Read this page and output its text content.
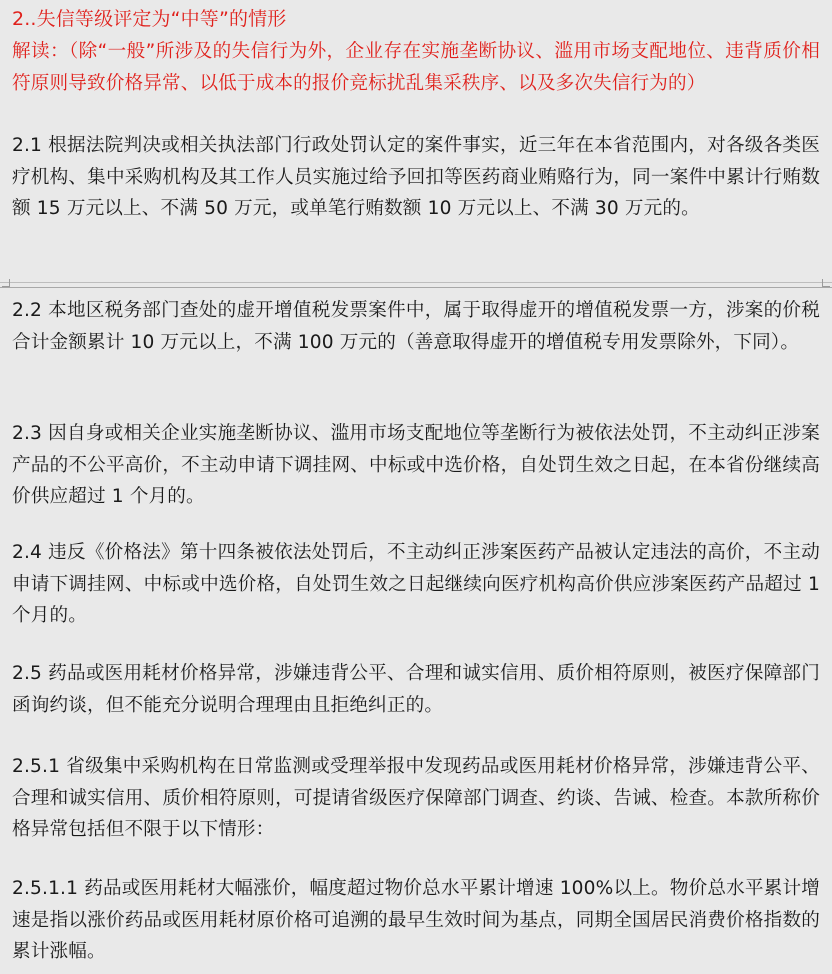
2..失信等级评定为“中等”的情形

解读：（除“一般”所涉及的失信行为外，企业存在实施垄断协议、滥用市场支配地位、违背质价相符原则导致价格异常、以低于成本的报价竞标扰乱集采秩序、以及多次失信行为的）

2.1 根据法院判决或相关执法部门行政处罚认定的案件事实，近三年在本省范围内，对各级各类医疗机构、集中采购机构及其工作人员实施过给予回扣等医药商业贿赂行为，同一案件中累计行贿数额 15 万元以上、不满 50 万元，或单笔行贿数额 10 万元以上、不满 30 万元的。

2.2 本地区税务部门查处的虚开增值税发票案件中，属于取得虚开的增值税发票一方，涉案的价税合计金额累计 10 万元以上，不满 100 万元的（善意取得虚开的增值税专用发票除外，下同）。

2.3 因自身或相关企业实施垄断协议、滥用市场支配地位等垄断行为被依法处罚，不主动纠正涉案产品的不公平高价，不主动申请下调挂网、中标或中选价格，自处罚生效之日起，在本省份继续高价供应超过 1 个月的。

2.4 违反《价格法》第十四条被依法处罚后，不主动纠正涉案医药产品被认定违法的高价，不主动申请下调挂网、中标或中选价格，自处罚生效之日起继续向医疗机构高价供应涉案医药产品超过 1 个月的。

2.5 药品或医用耗材价格异常，涉嫌违背公平、合理和诚实信用、质价相符原则，被医疗保障部门函询约谈，但不能充分说明合理理由且拒绝纠正的。

2.5.1 省级集中采购机构在日常监测或受理举报中发现药品或医用耗材价格异常，涉嫌违背公平、合理和诚实信用、质价相符原则，可提请省级医疗保障部门调查、约谈、告诫、检查。本款所称价格异常包括但不限于以下情形：

2.5.1.1 药品或医用耗材大幅涨价，幅度超过物价总水平累计增速 100%以上。物价总水平累计增速是指以涨价药品或医用耗材原价格可追溯的最早生效时间为基点，同期全国居民消费价格指数的累计涨幅。
